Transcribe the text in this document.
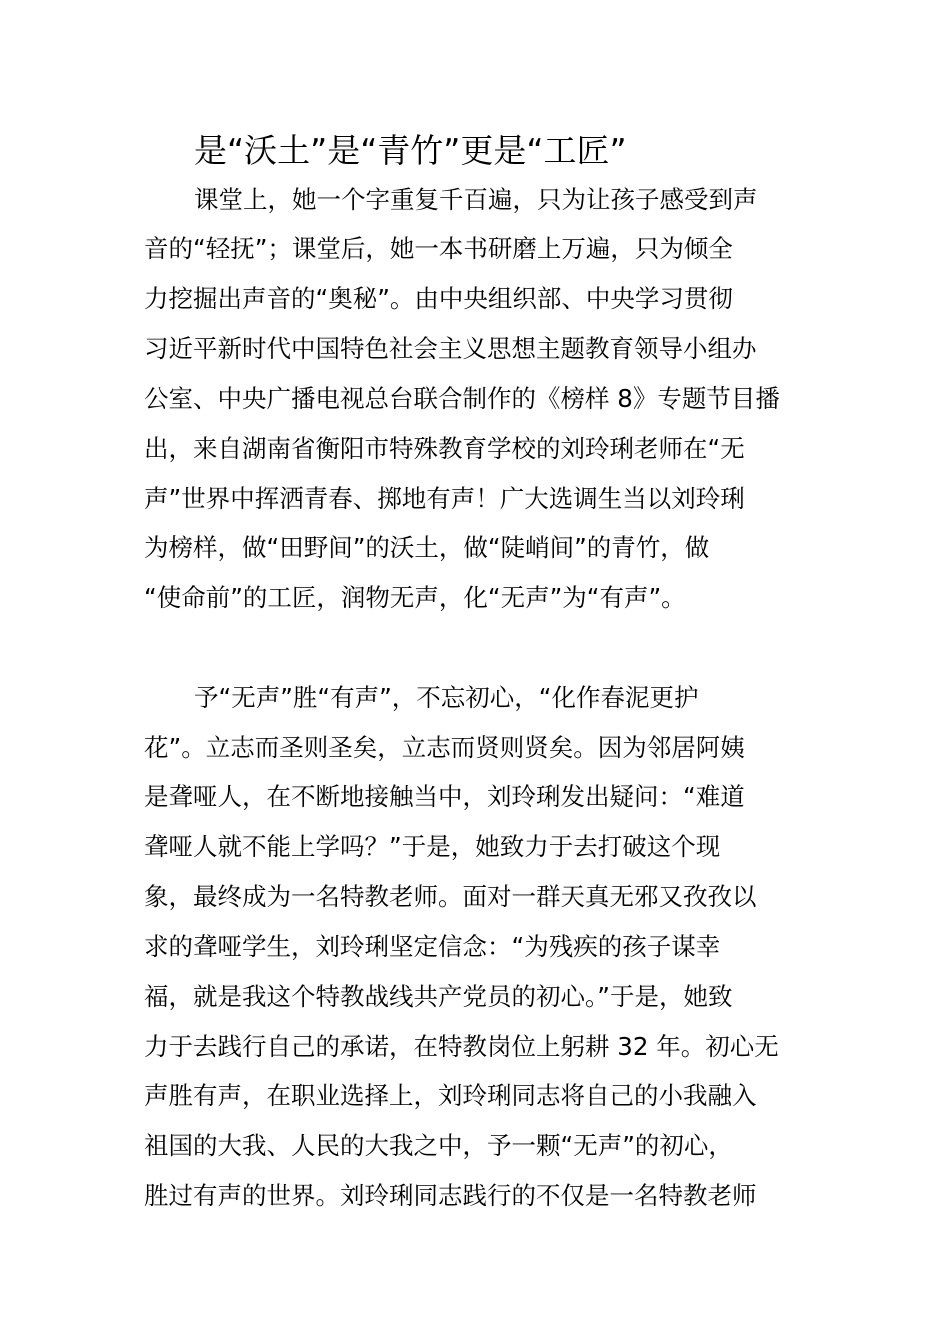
是“沃土”是“青竹”更是“工匠”

课堂上，她一个字重复千百遍，只为让孩子感受到声

音的“轻抚”；课堂后，她一本书研磨上万遍，只为倾全

力挖掘出声音的“奥秘”。由中央组织部、中央学习贯彻

习近平新时代中国特色社会主义思想主题教育领导小组办

公室、中央广播电视总台联合制作的《榜样 8》专题节目播

出，来自湖南省衡阳市特殊教育学校的刘玲琍老师在“无

声”世界中挥洒青春、掷地有声！广大选调生当以刘玲琍

为榜样，做“田野间”的沃土，做“陡峭间”的青竹，做

“使命前”的工匠，润物无声，化“无声”为“有声”。

予“无声”胜“有声”，不忘初心，“化作春泥更护

花”。立志而圣则圣矣，立志而贤则贤矣。因为邻居阿姨

是聋哑人，在不断地接触当中，刘玲琍发出疑问：“难道

聋哑人就不能上学吗？”于是，她致力于去打破这个现

象，最终成为一名特教老师。面对一群天真无邪又孜孜以

求的聋哑学生，刘玲琍坚定信念：“为残疾的孩子谋幸

福，就是我这个特教战线共产党员的初心。”于是，她致

力于去践行自己的承诺，在特教岗位上躬耕 32 年。初心无

声胜有声，在职业选择上，刘玲琍同志将自己的小我融入

祖国的大我、人民的大我之中，予一颗“无声”的初心，

胜过有声的世界。刘玲琍同志践行的不仅是一名特教老师
